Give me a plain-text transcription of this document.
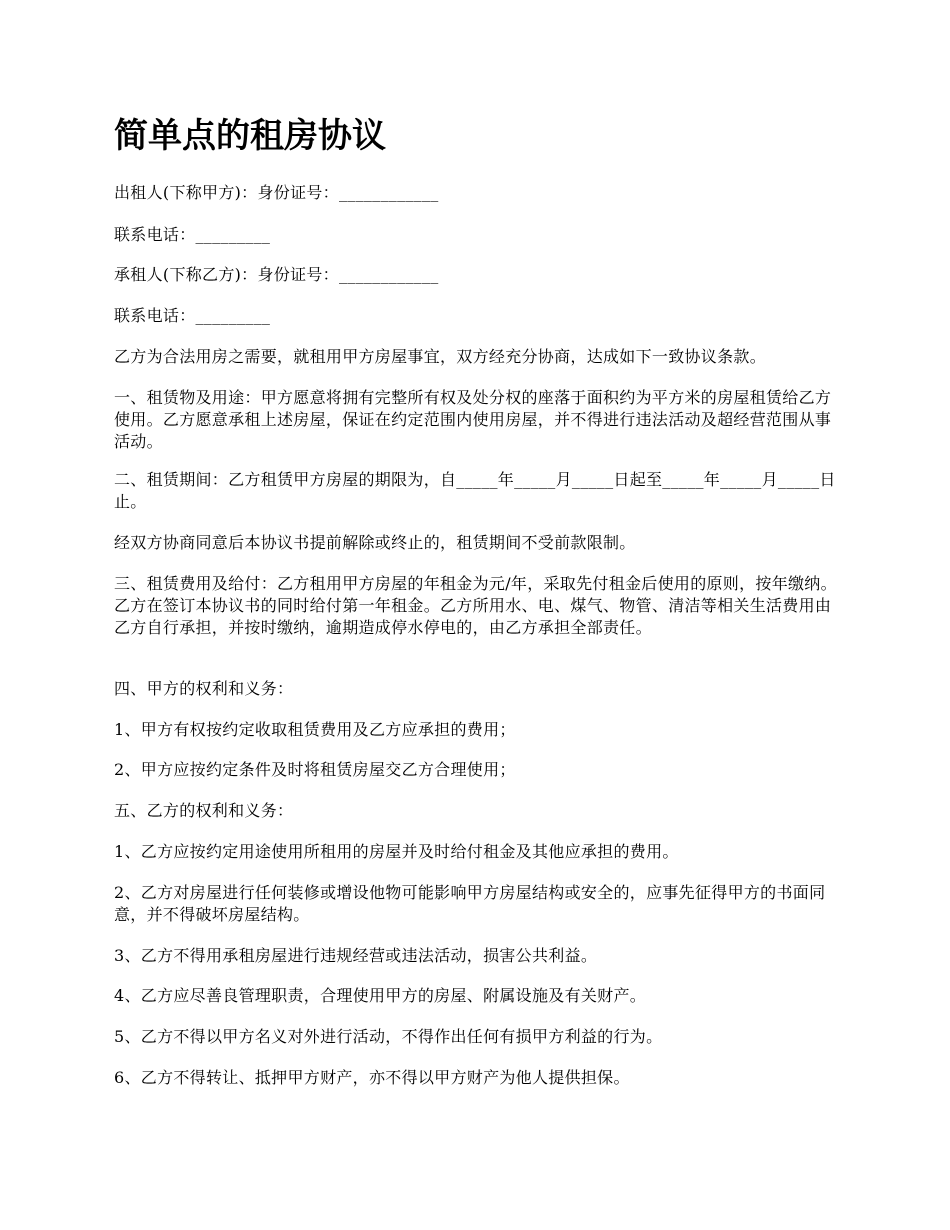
简单点的租房协议

出租人(下称甲方)：身份证号：____________

联系电话：_________

承租人(下称乙方)：身份证号：____________

联系电话：_________

乙方为合法用房之需要，就租用甲方房屋事宜，双方经充分协商，达成如下一致协议条款。

一、租赁物及用途：甲方愿意将拥有完整所有权及处分权的座落于面积约为平方米的房屋租赁给乙方使用。乙方愿意承租上述房屋，保证在约定范围内使用房屋，并不得进行违法活动及超经营范围从事活动。

二、租赁期间：乙方租赁甲方房屋的期限为，自_____年_____月_____日起至_____年_____月_____日止。

经双方协商同意后本协议书提前解除或终止的，租赁期间不受前款限制。

三、租赁费用及给付：乙方租用甲方房屋的年租金为元/年，采取先付租金后使用的原则，按年缴纳。乙方在签订本协议书的同时给付第一年租金。乙方所用水、电、煤气、物管、清洁等相关生活费用由乙方自行承担，并按时缴纳，逾期造成停水停电的，由乙方承担全部责任。

四、甲方的权利和义务：

1、甲方有权按约定收取租赁费用及乙方应承担的费用；

2、甲方应按约定条件及时将租赁房屋交乙方合理使用；

五、乙方的权利和义务：

1、乙方应按约定用途使用所租用的房屋并及时给付租金及其他应承担的费用。

2、乙方对房屋进行任何装修或增设他物可能影响甲方房屋结构或安全的，应事先征得甲方的书面同意，并不得破坏房屋结构。

3、乙方不得用承租房屋进行违规经营或违法活动，损害公共利益。

4、乙方应尽善良管理职责，合理使用甲方的房屋、附属设施及有关财产。

5、乙方不得以甲方名义对外进行活动，不得作出任何有损甲方利益的行为。

6、乙方不得转让、抵押甲方财产，亦不得以甲方财产为他人提供担保。
